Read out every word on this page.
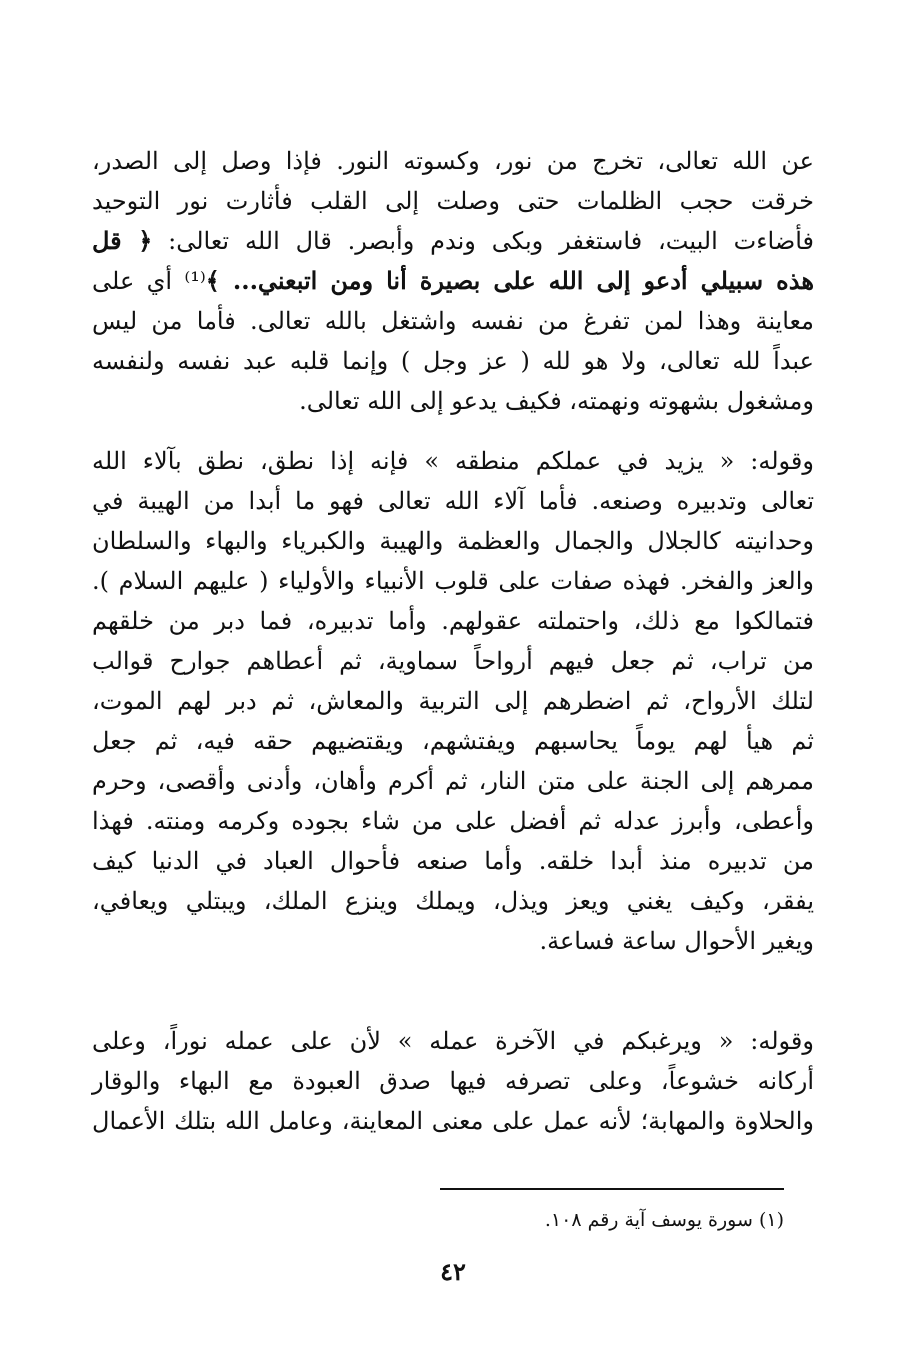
عن الله تعالى، تخرج من نور، وكسوته النور. فإذا وصل إلى الصدر،
خرقت حجب الظلمات حتى وصلت إلى القلب فأثارت نور التوحيد
فأضاءت البيت، فاستغفر وبكى وندم وأبصر. قال الله تعالى: ﴿ قل
هذه سبيلي أدعو إلى الله على بصيرة أنا ومن اتبعني... ﴾⁽¹⁾ أي على
معاينة وهذا لمن تفرغ من نفسه واشتغل بالله تعالى. فأما من ليس
عبداً لله تعالى، ولا هو لله ( عز وجل ) وإنما قلبه عبد نفسه ولنفسه
ومشغول بشهوته ونهمته، فكيف يدعو إلى الله تعالى.
وقوله: « يزيد في عملكم منطقه » فإنه إذا نطق، نطق بآلاء الله
تعالى وتدبيره وصنعه. فأما آلاء الله تعالى فهو ما أبدا من الهيبة في
وحدانيته كالجلال والجمال والعظمة والهيبة والكبرياء والبهاء والسلطان
والعز والفخر. فهذه صفات على قلوب الأنبياء والأولياء ( عليهم السلام ).
فتمالكوا مع ذلك، واحتملته عقولهم. وأما تدبيره، فما دبر من خلقهم
من تراب، ثم جعل فيهم أرواحاً سماوية، ثم أعطاهم جوارح قوالب
لتلك الأرواح، ثم اضطرهم إلى التربية والمعاش، ثم دبر لهم الموت،
ثم هيأ لهم يوماً يحاسبهم ويفتشهم، ويقتضيهم حقه فيه، ثم جعل
ممرهم إلى الجنة على متن النار، ثم أكرم وأهان، وأدنى وأقصى، وحرم
وأعطى، وأبرز عدله ثم أفضل على من شاء بجوده وكرمه ومنته. فهذا
من تدبيره منذ أبدا خلقه. وأما صنعه فأحوال العباد في الدنيا كيف
يفقر، وكيف يغني ويعز ويذل، ويملك وينزع الملك، ويبتلي ويعافي،
ويغير الأحوال ساعة فساعة.
وقوله: « ويرغبكم في الآخرة عمله » لأن على عمله نوراً، وعلى
أركانه خشوعاً، وعلى تصرفه فيها صدق العبودة مع البهاء والوقار
والحلاوة والمهابة؛ لأنه عمل على معنى المعاينة، وعامل الله بتلك الأعمال
(١) سورة يوسف آية رقم ١٠٨.
٤٢
